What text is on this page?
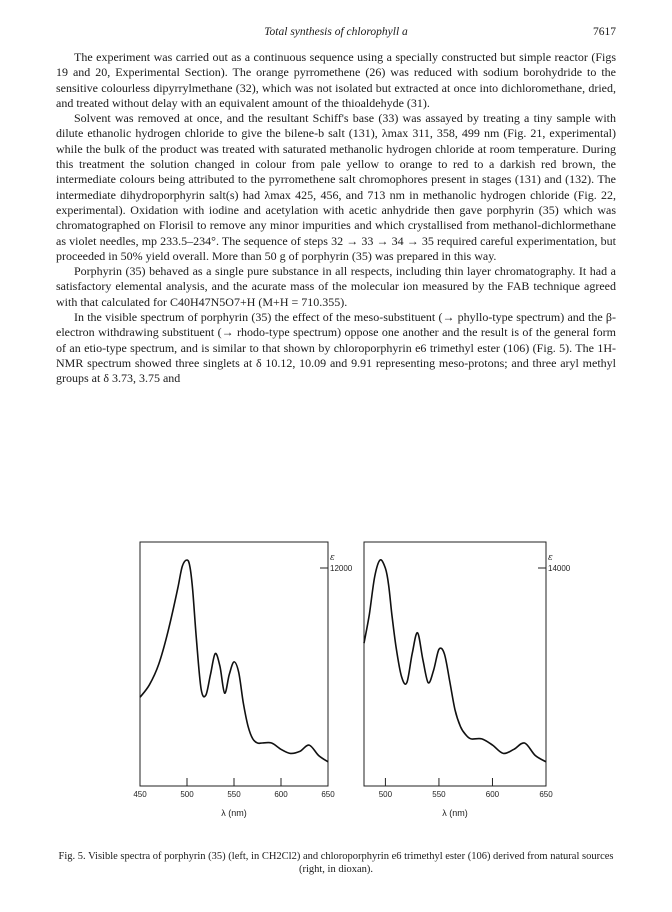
Total synthesis of chlorophyll a	7617

The experiment was carried out as a continuous sequence using a specially constructed but simple reactor (Figs 19 and 20, Experimental Section). The orange pyrromethene (26) was reduced with sodium borohydride to the sensitive colourless dipyrrylmethane (32), which was not isolated but extracted at once into dichloromethane, dried, and treated without delay with an equivalent amount of the thioaldehyde (31).

Solvent was removed at once, and the resultant Schiff's base (33) was assayed by treating a tiny sample with dilute ethanolic hydrogen chloride to give the bilene-b salt (131), λmax 311, 358, 499 nm (Fig. 21, experimental) while the bulk of the product was treated with saturated methanolic hydrogen chloride at room temperature. During this treatment the solution changed in colour from pale yellow to orange to red to a darkish red brown, the intermediate colours being attributed to the pyrromethene salt chromophores present in stages (131) and (132). The intermediate dihydroporphyrin salt(s) had λmax 425, 456, and 713 nm in methanolic hydrogen chloride (Fig. 22, experimental). Oxidation with iodine and acetylation with acetic anhydride then gave porphyrin (35) which was chromatographed on Florisil to remove any minor impurities and which crystallised from methanol-dichlormethane as violet needles, mp 233.5–234°. The sequence of steps 32 → 33 → 34 → 35 required careful experimentation, but proceeded in 50% yield overall. More than 50 g of porphyrin (35) was prepared in this way.

Porphyrin (35) behaved as a single pure substance in all respects, including thin layer chromatography. It had a satisfactory elemental analysis, and the acurate mass of the molecular ion measured by the FAB technique agreed with that calculated for C40H47N5O7+H (M+H = 710.355).

In the visible spectrum of porphyrin (35) the effect of the meso-substituent (→ phyllo-type spectrum) and the β-electron withdrawing substituent (→ rhodo-type spectrum) oppose one another and the result is of the general form of an etio-type spectrum, and is similar to that shown by chloroporphyrin e6 trimethyl ester (106) (Fig. 5). The 1H-NMR spectrum showed three singlets at δ 10.12, 10.09 and 9.91 representing meso-protons; and three aryl methyl groups at δ 3.73, 3.75 and

ε
12000
450	500	550	600	650
λ (nm)
ε
14000
500	550	600	650
λ (nm)
Fig. 5. Visible spectra of porphyrin (35) (left, in CH2Cl2) and chloroporphyrin e6 trimethyl ester (106) derived from natural sources (right, in dioxan).
